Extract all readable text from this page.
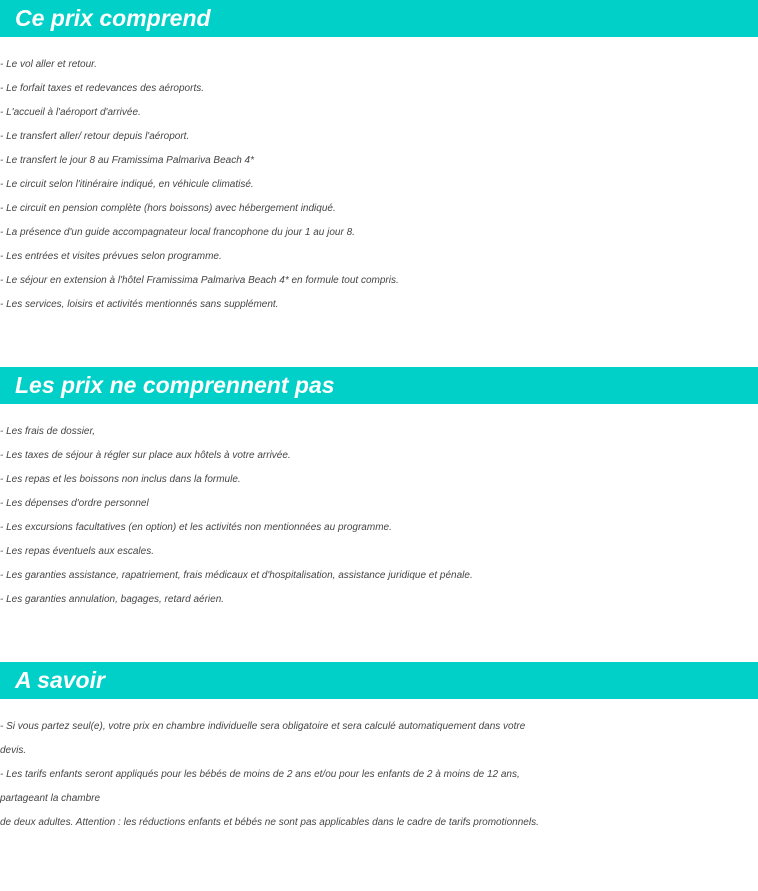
Ce prix comprend

- Le vol aller et retour.

- Le forfait taxes et redevances des aéroports.

- L'accueil à l'aéroport d'arrivée.

- Le transfert aller/ retour depuis l'aéroport.

- Le transfert le jour 8 au Framissima Palmariva Beach 4*

- Le circuit selon l'itinéraire indiqué, en véhicule climatisé.

- Le circuit en pension complète (hors boissons) avec hébergement indiqué.

- La présence d'un guide accompagnateur local francophone du jour 1 au jour 8.

- Les entrées et visites prévues selon programme.

- Le séjour en extension à l'hôtel Framissima Palmariva Beach 4* en formule tout compris.

- Les services, loisirs et activités mentionnés sans supplément.

Les prix ne comprennent pas

- Les frais de dossier,

- Les taxes de séjour à régler sur place aux hôtels à votre arrivée.

- Les repas et les boissons non inclus dans la formule.

- Les dépenses d'ordre personnel

- Les excursions facultatives (en option) et les activités non mentionnées au programme.

- Les repas éventuels aux escales.

- Les garanties assistance, rapatriement, frais médicaux et d'hospitalisation, assistance juridique et pénale.

- Les garanties annulation, bagages, retard aérien.

A savoir

- Si vous partez seul(e), votre prix en chambre individuelle sera obligatoire et sera calculé automatiquement dans votre

devis.

- Les tarifs enfants seront appliqués pour les bébés de moins de 2 ans et/ou pour les enfants de 2 à moins de 12 ans,

partageant la chambre

de deux adultes. Attention : les réductions enfants et bébés ne sont pas applicables dans le cadre de tarifs promotionnels.
